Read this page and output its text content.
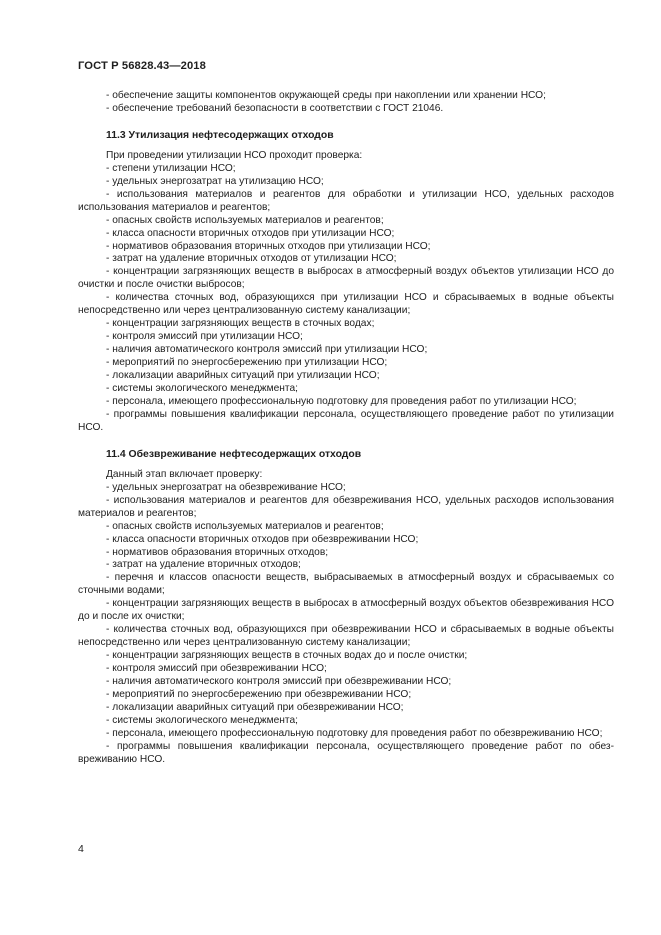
ГОСТ Р 56828.43—2018

- обеспечение защиты компонентов окружающей среды при накоплении или хранении НСО;

- обеспечение требований безопасности в соответствии с ГОСТ 21046.

11.3 Утилизация нефтесодержащих отходов

При проведении утилизации НСО проходит проверка:

- степени утилизации НСО;

- удельных энергозатрат на утилизацию НСО;

- использования материалов и реагентов для обработки и утилизации НСО, удельных расходов использования материалов и реагентов;

- опасных свойств используемых материалов и реагентов;

- класса опасности вторичных отходов при утилизации НСО;

- нормативов образования вторичных отходов при утилизации НСО;

- затрат на удаление вторичных отходов от утилизации НСО;

- концентрации загрязняющих веществ в выбросах в атмосферный воздух объектов утилизации НСО до очистки и после очистки выбросов;

- количества сточных вод, образующихся при утилизации НСО и сбрасываемых в водные объекты непосредственно или через централизованную систему канализации;

- концентрации загрязняющих веществ в сточных водах;

- контроля эмиссий при утилизации НСО;

- наличия автоматического контроля эмиссий при утилизации НСО;

- мероприятий по энергосбережению при утилизации НСО;

- локализации аварийных ситуаций при утилизации НСО;

- системы экологического менеджмента;

- персонала, имеющего профессиональную подготовку для проведения работ по утилизации НСО;

- программы повышения квалификации персонала, осуществляющего проведение работ по утилизации НСО.

11.4 Обезвреживание нефтесодержащих отходов

Данный этап включает проверку:

- удельных энергозатрат на обезвреживание НСО;

- использования материалов и реагентов для обезвреживания НСО, удельных расходов использования материалов и реагентов;

- опасных свойств используемых материалов и реагентов;

- класса опасности вторичных отходов при обезвреживании НСО;

- нормативов образования вторичных отходов;

- затрат на удаление вторичных отходов;

- перечня и классов опасности веществ, выбрасываемых в атмосферный воздух и сбрасываемых со сточными водами;

- концентрации загрязняющих веществ в выбросах в атмосферный воздух объектов обезвреживания НСО до и после их очистки;

- количества сточных вод, образующихся при обезвреживании НСО и сбрасываемых в водные объекты непосредственно или через централизованную систему канализации;

- концентрации загрязняющих веществ в сточных водах до и после очистки;

- контроля эмиссий при обезвреживании НСО;

- наличия автоматического контроля эмиссий при обезвреживании НСО;

- мероприятий по энергосбережению при обезвреживании НСО;

- локализации аварийных ситуаций при обезвреживании НСО;

- системы экологического менеджмента;

- персонала, имеющего профессиональную подготовку для проведения работ по обезвреживанию НСО;

- программы повышения квалификации персонала, осуществляющего проведение работ по обезвреживанию НСО.

4
